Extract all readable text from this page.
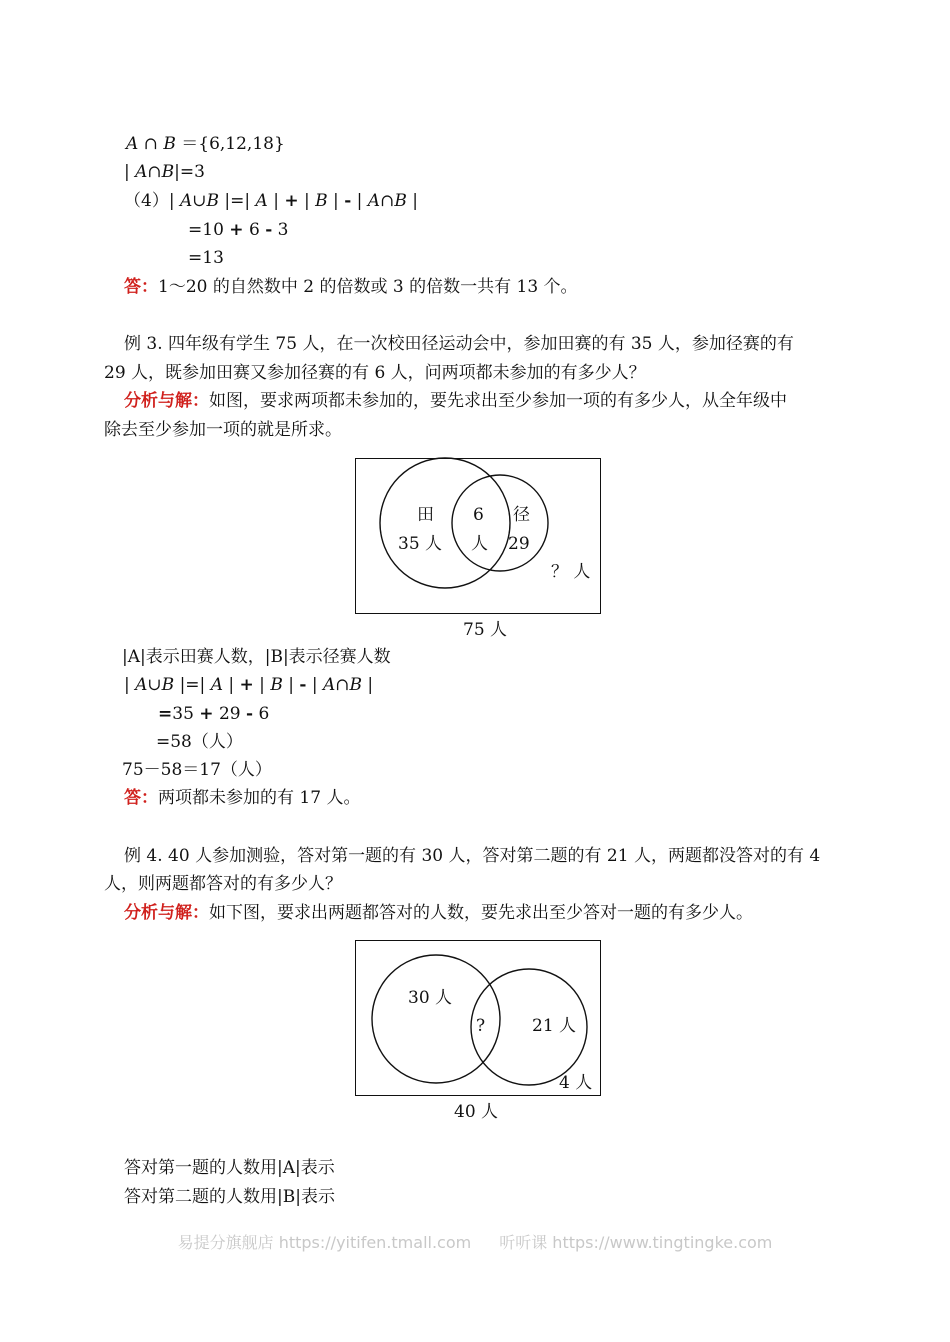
A ∩ B ＝{6,12,18}
| A∩B|=3
（4）| A∪B |=| A | + | B | - | A∩B |
=10 + 6 - 3
=13
答：1～20 的自然数中 2 的倍数或 3 的倍数一共有 13 个。
例 3. 四年级有学生 75 人，在一次校田径运动会中，参加田赛的有 35 人，参加径赛的有
29 人，既参加田赛又参加径赛的有 6 人，问两项都未参加的有多少人？
分析与解：如图，要求两项都未参加的，要先求出至少参加一项的有多少人，从全年级中
除去至少参加一项的就是所求。
田
35 人
6
人
径
29
？ 人
75 人
|A|表示田赛人数，|B|表示径赛人数
| A∪B |=| A | + | B | - | A∩B |
=35 + 29 - 6
=58（人）
75－58＝17（人）
答：两项都未参加的有 17 人。
例 4. 40 人参加测验，答对第一题的有 30 人，答对第二题的有 21 人，两题都没答对的有 4
人，则两题都答对的有多少人？
分析与解：如下图，要求出两题都答对的人数，要先求出至少答对一题的有多少人。
30 人
?	21 人
4 人
40 人
答对第一题的人数用|A|表示
答对第二题的人数用|B|表示
易提分旗舰店 https://yitifen.tmall.com 听听课 https://www.tingtingke.com
